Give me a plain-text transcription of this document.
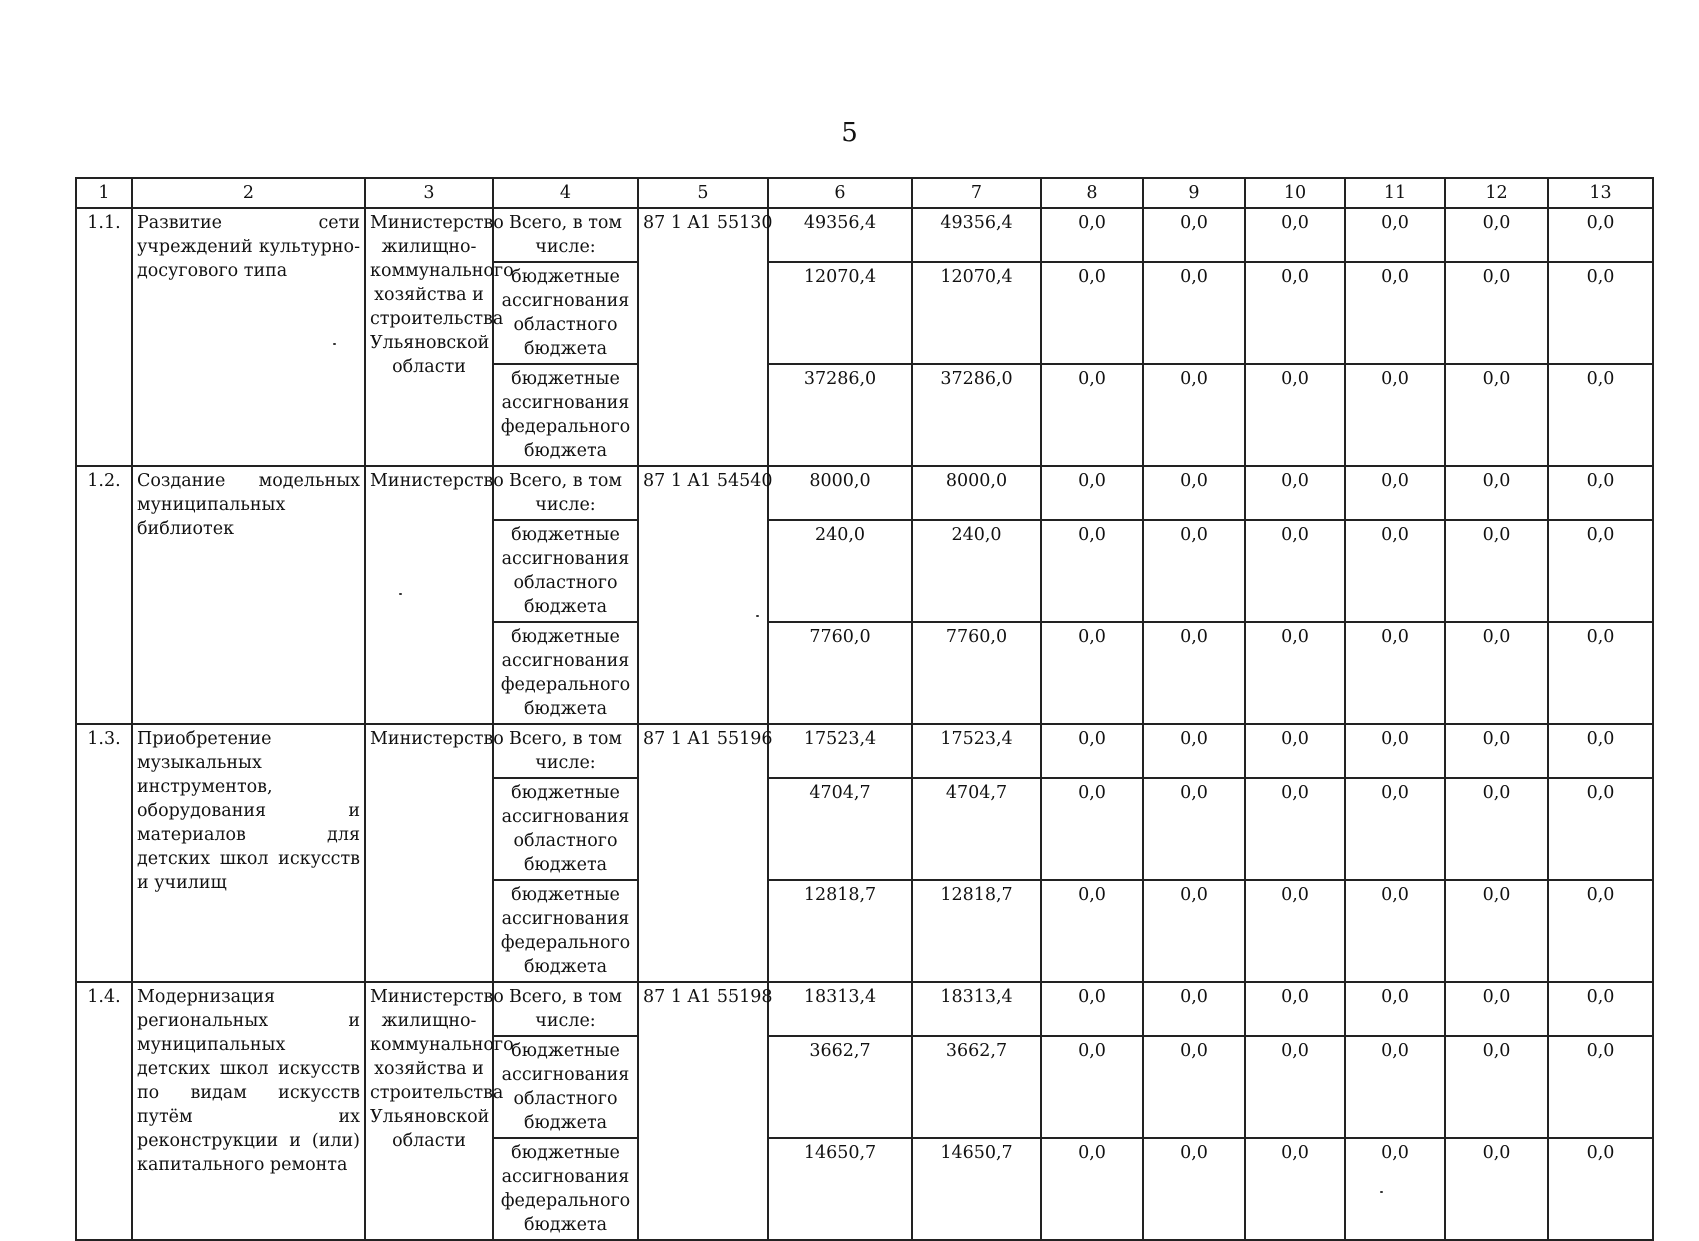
5
1	2	3	4	5	6	7	8	9	10	11	12	13
1.1.	Развитие сети учреждений культурно-досугового типа	Министерство жилищно-коммунального хозяйства и строительства Ульяновской области	Всего, в том числе:	87 1 A1 55130	49356,4	49356,4	0,0	0,0	0,0	0,0	0,0	0,0
			бюджетные ассигнования областного бюджета		12070,4	12070,4	0,0	0,0	0,0	0,0	0,0	0,0
			бюджетные ассигнования федерального бюджета		37286,0	37286,0	0,0	0,0	0,0	0,0	0,0	0,0
1.2.	Создание модельных муниципальных библиотек	Министерство	Всего, в том числе:	87 1 A1 54540	8000,0	8000,0	0,0	0,0	0,0	0,0	0,0	0,0
			бюджетные ассигнования областного бюджета		240,0	240,0	0,0	0,0	0,0	0,0	0,0	0,0
			бюджетные ассигнования федерального бюджета		7760,0	7760,0	0,0	0,0	0,0	0,0	0,0	0,0
1.3.	Приобретение музыкальных инструментов, оборудования и материалов для детских школ искусств и училищ	Министерство	Всего, в том числе:	87 1 A1 55196	17523,4	17523,4	0,0	0,0	0,0	0,0	0,0	0,0
			бюджетные ассигнования областного бюджета		4704,7	4704,7	0,0	0,0	0,0	0,0	0,0	0,0
			бюджетные ассигнования федерального бюджета		12818,7	12818,7	0,0	0,0	0,0	0,0	0,0	0,0
1.4.	Модернизация региональных и муниципальных детских школ искусств по видам искусств путём их реконструкции и (или) капитального ремонта	Министерство жилищно-коммунального хозяйства и строительства Ульяновской области	Всего, в том числе:	87 1 A1 55198	18313,4	18313,4	0,0	0,0	0,0	0,0	0,0	0,0
			бюджетные ассигнования областного бюджета		3662,7	3662,7	0,0	0,0	0,0	0,0	0,0	0,0
			бюджетные ассигнования федерального бюджета		14650,7	14650,7	0,0	0,0	0,0	0,0	0,0	0,0
